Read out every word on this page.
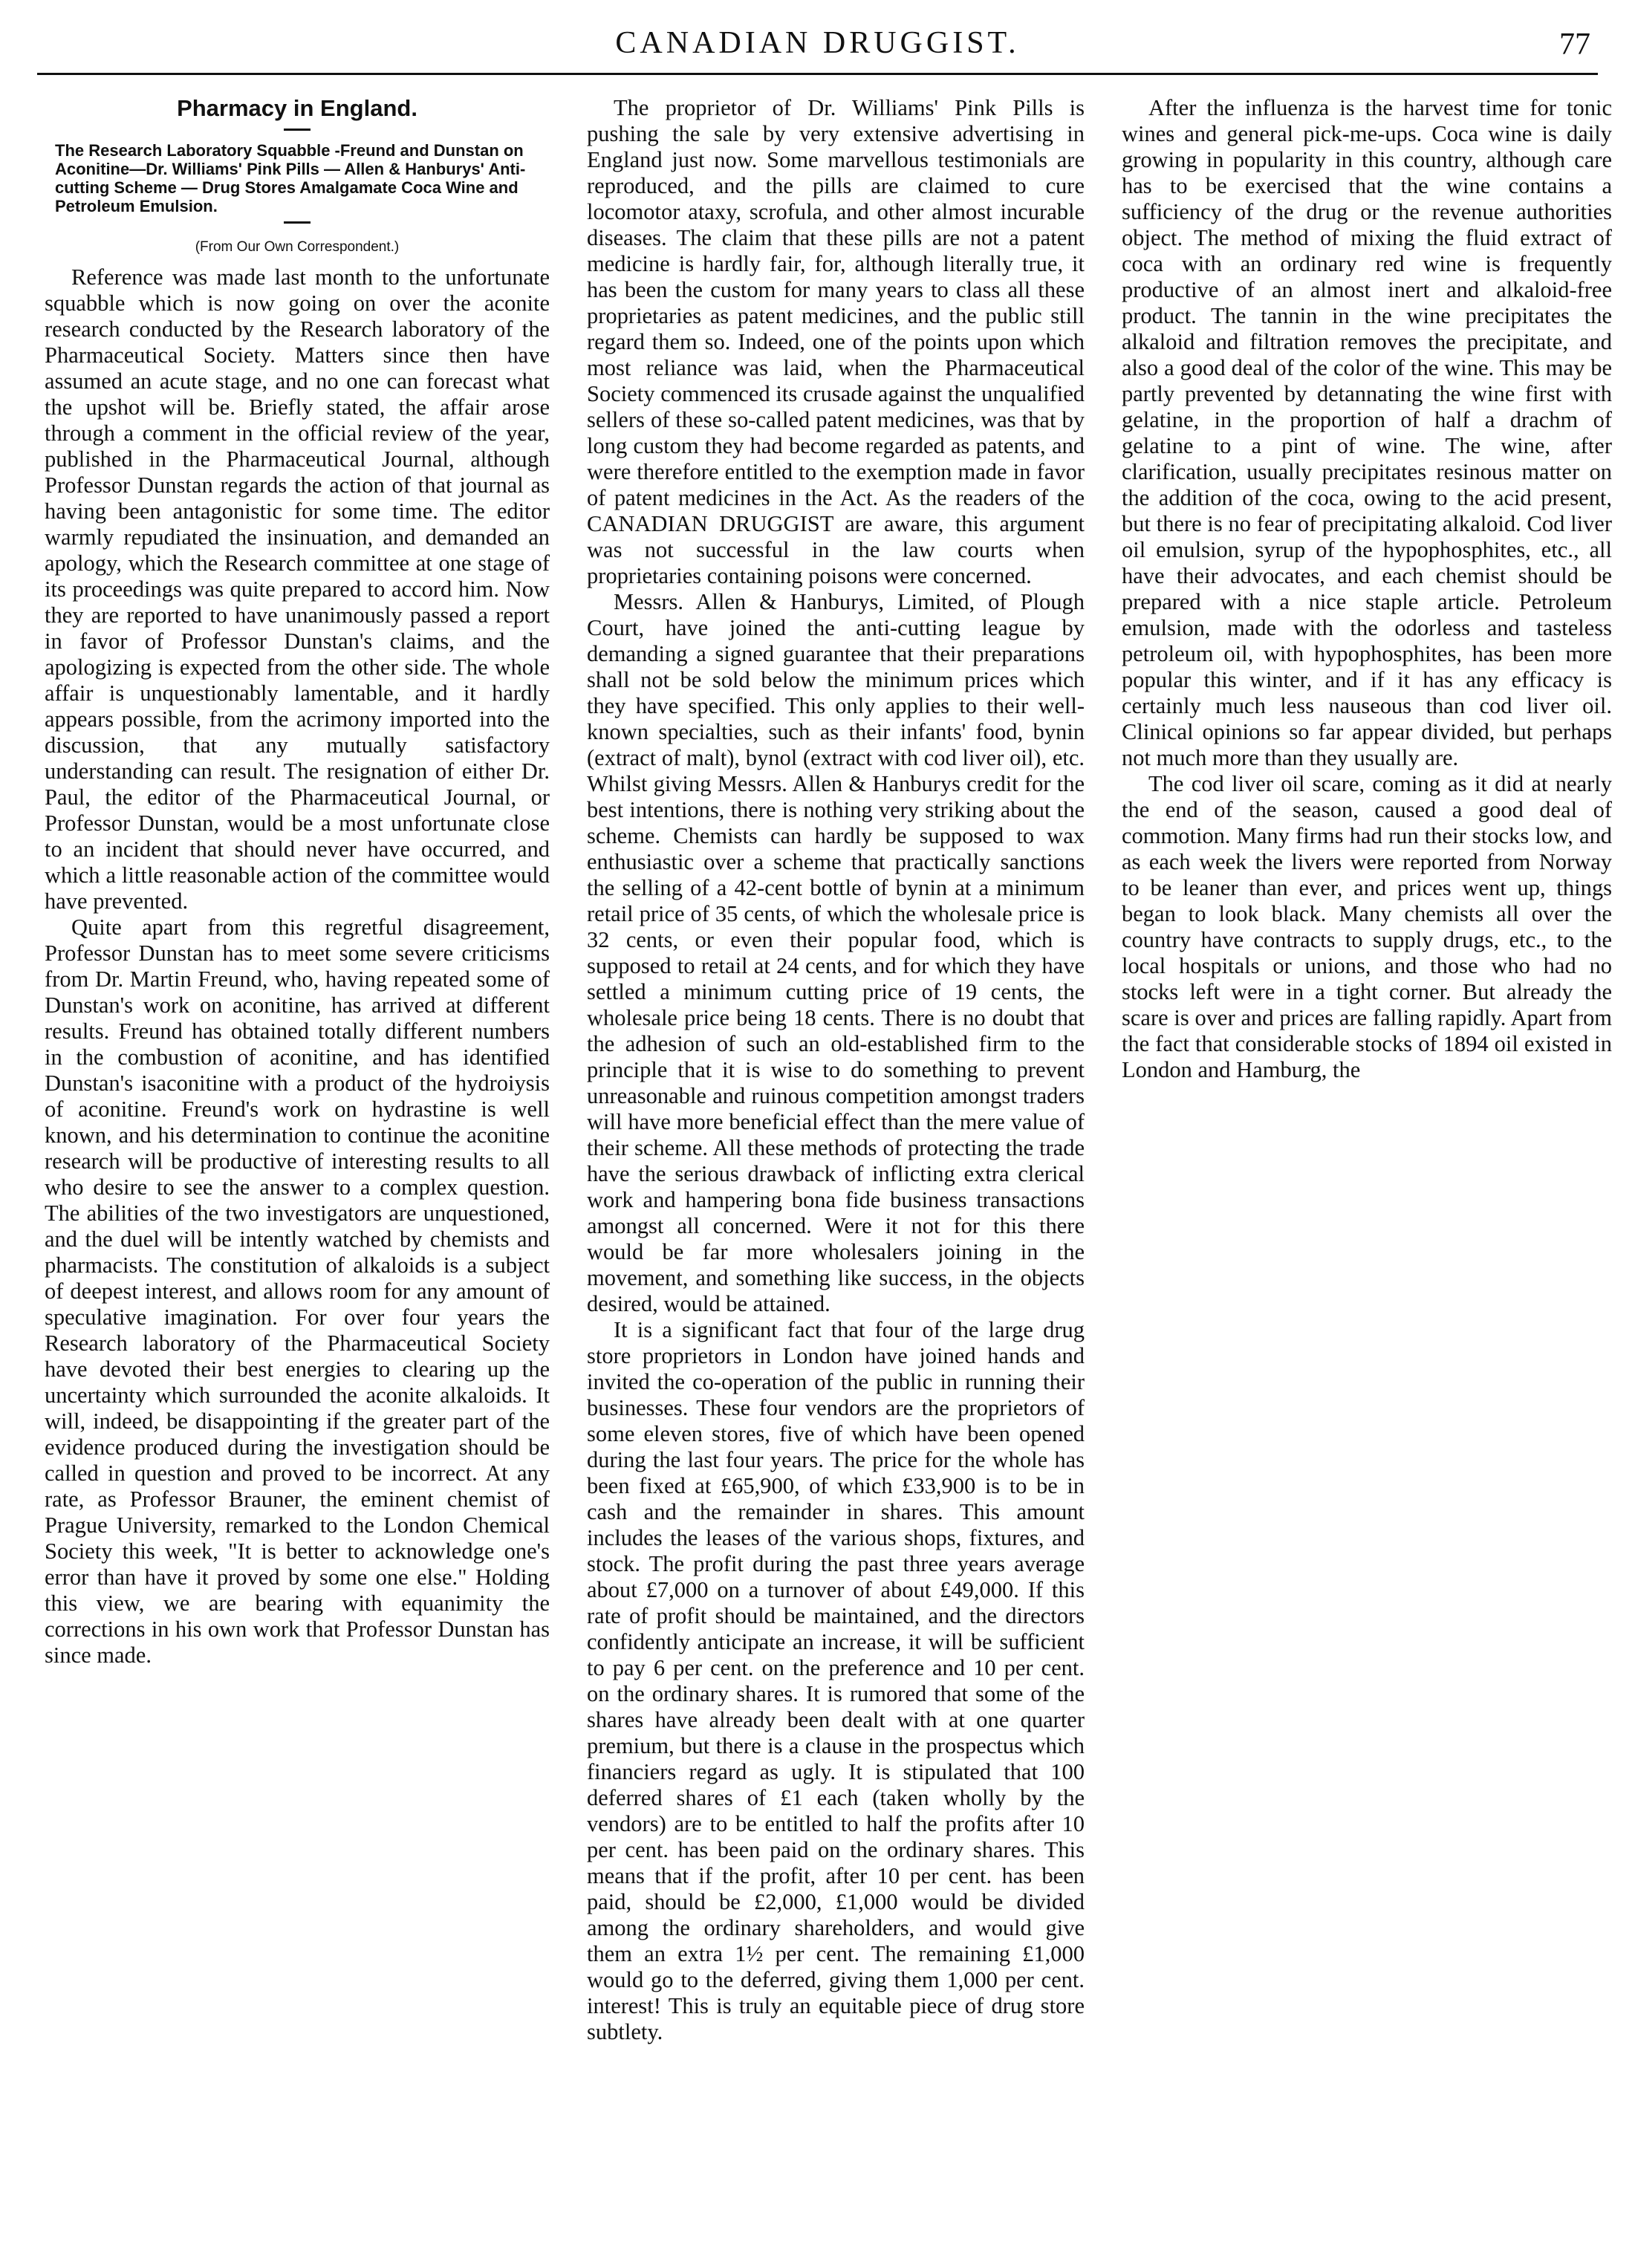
CANADIAN DRUGGIST.	77
Pharmacy in England.
The Research Laboratory Squabble -Freund and Dunstan on Aconitine—Dr. Williams' Pink Pills — Allen & Hanburys' Anti-cutting Scheme — Drug Stores Amalgamate Coca Wine and Petroleum Emulsion.
(From Our Own Correspondent.)

Reference was made last month to the unfortunate squabble which is now going on over the aconite research conducted by the Research laboratory of the Pharmaceutical Society. Matters since then have assumed an acute stage, and no one can forecast what the upshot will be. Briefly stated, the affair arose through a comment in the official review of the year, published in the Pharmaceutical Journal, although Professor Dunstan regards the action of that journal as having been antagonistic for some time. The editor warmly repudiated the insinuation, and demanded an apology, which the Research committee at one stage of its proceedings was quite prepared to accord him. Now they are reported to have unanimously passed a report in favor of Professor Dunstan's claims, and the apologizing is expected from the other side. The whole affair is unquestionably lamentable, and it hardly appears possible, from the acrimony imported into the discussion, that any mutually satisfactory understanding can result. The resignation of either Dr. Paul, the editor of the Pharmaceutical Journal, or Professor Dunstan, would be a most unfortunate close to an incident that should never have occurred, and which a little reasonable action of the committee would have prevented.

Quite apart from this regretful disagreement, Professor Dunstan has to meet some severe criticisms from Dr. Martin Freund, who, having repeated some of Dunstan's work on aconitine, has arrived at different results. Freund has obtained totally different numbers in the combustion of aconitine, and has identified Dunstan's isaconitine with a product of the hydroiysis of aconitine. Freund's work on hydrastine is well known, and his determination to continue the aconitine research will be productive of interesting results to all who desire to see the answer to a complex question. The abilities of the two investigators are unquestioned, and the duel will be intently watched by chemists and pharmacists. The constitution of alkaloids is a subject of deepest interest, and allows room for any amount of speculative imagination. For over four years the Research laboratory of the Pharmaceutical Society have devoted their best energies to clearing up the uncertainty which surrounded the aconite alkaloids. It will, indeed, be disappointing if the greater part of the evidence produced during the investigation should be called in question and proved to be incorrect. At any rate, as Professor Brauner, the eminent chemist of Prague University, remarked to the London Chemical Society this week, "It is better to acknowledge one's error than have it proved by some one else." Holding this view, we are bearing with equanimity the corrections in his own work that Professor Dunstan has since made.

The proprietor of Dr. Williams' Pink Pills is pushing the sale by very extensive advertising in England just now. Some marvellous testimonials are reproduced, and the pills are claimed to cure locomotor ataxy, scrofula, and other almost incurable diseases. The claim that these pills are not a patent medicine is hardly fair, for, although literally true, it has been the custom for many years to class all these proprietaries as patent medicines, and the public still regard them so. Indeed, one of the points upon which most reliance was laid, when the Pharmaceutical Society commenced its crusade against the unqualified sellers of these so-called patent medicines, was that by long custom they had become regarded as patents, and were therefore entitled to the exemption made in favor of patent medicines in the Act. As the readers of the CANADIAN DRUGGIST are aware, this argument was not successful in the law courts when proprietaries containing poisons were concerned.

Messrs. Allen & Hanburys, Limited, of Plough Court, have joined the anti-cutting league by demanding a signed guarantee that their preparations shall not be sold below the minimum prices which they have specified. This only applies to their well-known specialties, such as their infants' food, bynin (extract of malt), bynol (extract with cod liver oil), etc. Whilst giving Messrs. Allen & Hanburys credit for the best intentions, there is nothing very striking about the scheme. Chemists can hardly be supposed to wax enthusiastic over a scheme that practically sanctions the selling of a 42-cent bottle of bynin at a minimum retail price of 35 cents, of which the wholesale price is 32 cents, or even their popular food, which is supposed to retail at 24 cents, and for which they have settled a minimum cutting price of 19 cents, the wholesale price being 18 cents. There is no doubt that the adhesion of such an old-established firm to the principle that it is wise to do something to prevent unreasonable and ruinous competition amongst traders will have more beneficial effect than the mere value of their scheme. All these methods of protecting the trade have the serious drawback of inflicting extra clerical work and hampering bona fide business transactions amongst all concerned. Were it not for this there would be far more wholesalers joining in the movement, and something like success, in the objects desired, would be attained.

It is a significant fact that four of the large drug store proprietors in London have joined hands and invited the co-operation of the public in running their businesses. These four vendors are the proprietors of some eleven stores, five of which have been opened during the last four years. The price for the whole has been fixed at £65,900, of which £33,900 is to be in cash and the remainder in shares. This amount includes the leases of the various shops, fixtures, and stock. The profit during the past three years average about £7,000 on a turnover of about £49,000. If this rate of profit should be maintained, and the directors confidently anticipate an increase, it will be sufficient to pay 6 per cent. on the preference and 10 per cent. on the ordinary shares. It is rumored that some of the shares have already been dealt with at one quarter premium, but there is a clause in the prospectus which financiers regard as ugly. It is stipulated that 100 deferred shares of £1 each (taken wholly by the vendors) are to be entitled to half the profits after 10 per cent. has been paid on the ordinary shares. This means that if the profit, after 10 per cent. has been paid, should be £2,000, £1,000 would be divided among the ordinary shareholders, and would give them an extra 1½ per cent. The remaining £1,000 would go to the deferred, giving them 1,000 per cent. interest! This is truly an equitable piece of drug store subtlety.

After the influenza is the harvest time for tonic wines and general pick-me-ups. Coca wine is daily growing in popularity in this country, although care has to be exercised that the wine contains a sufficiency of the drug or the revenue authorities object. The method of mixing the fluid extract of coca with an ordinary red wine is frequently productive of an almost inert and alkaloid-free product. The tannin in the wine precipitates the alkaloid and filtration removes the precipitate, and also a good deal of the color of the wine. This may be partly prevented by detannating the wine first with gelatine, in the proportion of half a drachm of gelatine to a pint of wine. The wine, after clarification, usually precipitates resinous matter on the addition of the coca, owing to the acid present, but there is no fear of precipitating alkaloid. Cod liver oil emulsion, syrup of the hypophosphites, etc., all have their advocates, and each chemist should be prepared with a nice staple article. Petroleum emulsion, made with the odorless and tasteless petroleum oil, with hypophosphites, has been more popular this winter, and if it has any efficacy is certainly much less nauseous than cod liver oil. Clinical opinions so far appear divided, but perhaps not much more than they usually are.

The cod liver oil scare, coming as it did at nearly the end of the season, caused a good deal of commotion. Many firms had run their stocks low, and as each week the livers were reported from Norway to be leaner than ever, and prices went up, things began to look black. Many chemists all over the country have contracts to supply drugs, etc., to the local hospitals or unions, and those who had no stocks left were in a tight corner. But already the scare is over and prices are falling rapidly. Apart from the fact that considerable stocks of 1894 oil existed in London and Hamburg, the
